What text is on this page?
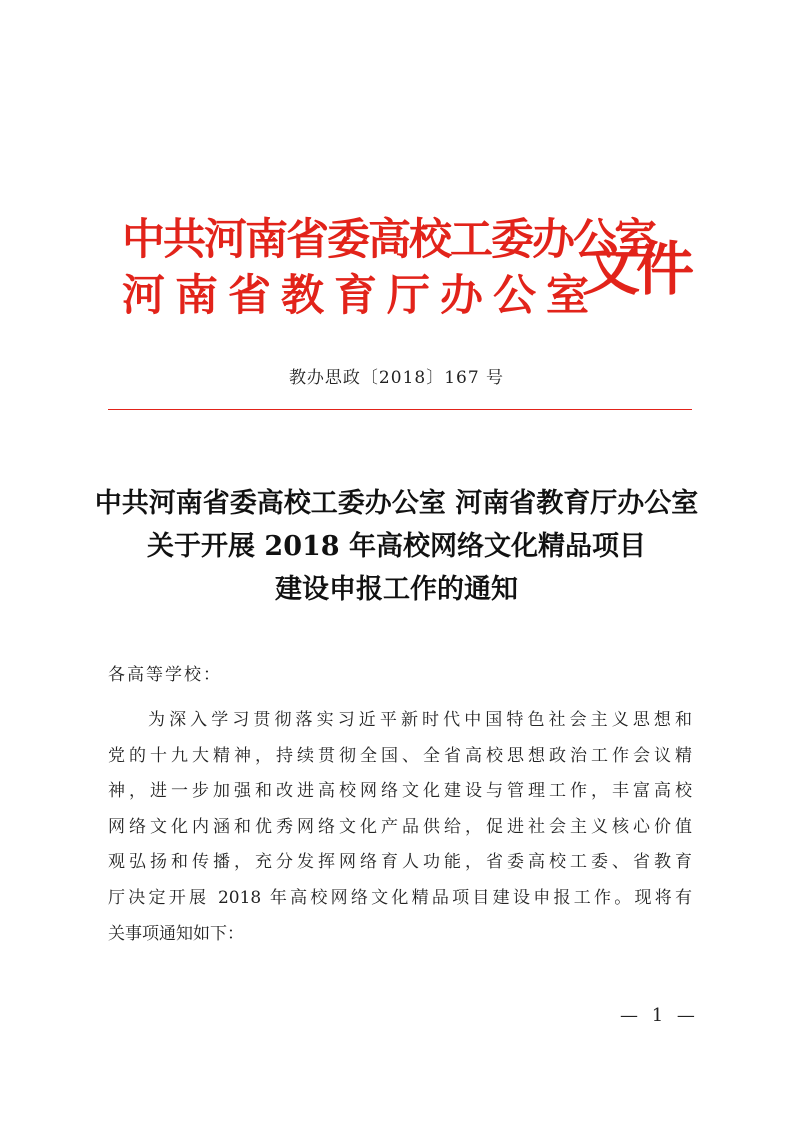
中共河南省委高校工委办公室
河南省教育厅办公室
文件
教办思政〔2018〕167 号
中共河南省委高校工委办公室 河南省教育厅办公室
关于开展 2018 年高校网络文化精品项目
建设申报工作的通知
各高等学校：
为深入学习贯彻落实习近平新时代中国特色社会主义思想和
党的十九大精神，持续贯彻全国、全省高校思想政治工作会议精
神，进一步加强和改进高校网络文化建设与管理工作，丰富高校
网络文化内涵和优秀网络文化产品供给，促进社会主义核心价值
观弘扬和传播，充分发挥网络育人功能，省委高校工委、省教育
厅决定开展 2018 年高校网络文化精品项目建设申报工作。现将有
关事项通知如下：
— 1 —
